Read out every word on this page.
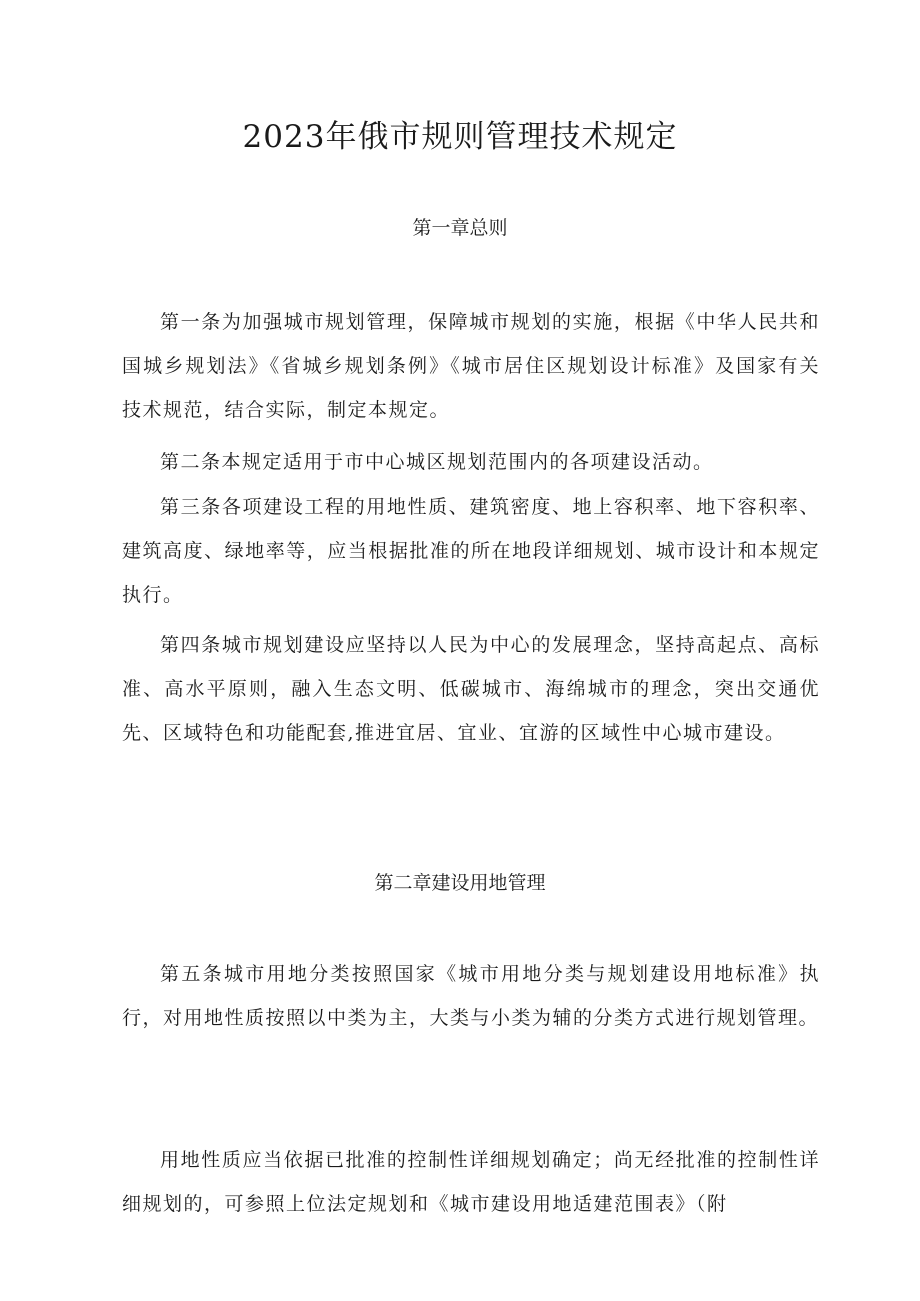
2023年俄市规则管理技术规定
第一章总则

第一条为加强城市规划管理，保障城市规划的实施，根据《中华人民共和国城乡规划法》《省城乡规划条例》《城市居住区规划设计标准》及国家有关技术规范，结合实际，制定本规定。

第二条本规定适用于市中心城区规划范围内的各项建设活动。

第三条各项建设工程的用地性质、建筑密度、地上容积率、地下容积率、建筑高度、绿地率等，应当根据批准的所在地段详细规划、城市设计和本规定执行。

第四条城市规划建设应坚持以人民为中心的发展理念，坚持高起点、高标准、高水平原则，融入生态文明、低碳城市、海绵城市的理念，突出交通优先、区域特色和功能配套,推进宜居、宜业、宜游的区域性中心城市建设。

第二章建设用地管理

第五条城市用地分类按照国家《城市用地分类与规划建设用地标准》执行，对用地性质按照以中类为主，大类与小类为辅的分类方式进行规划管理。

用地性质应当依据已批准的控制性详细规划确定；尚无经批准的控制性详细规划的，可参照上位法定规划和《城市建设用地适建范围表》（附
